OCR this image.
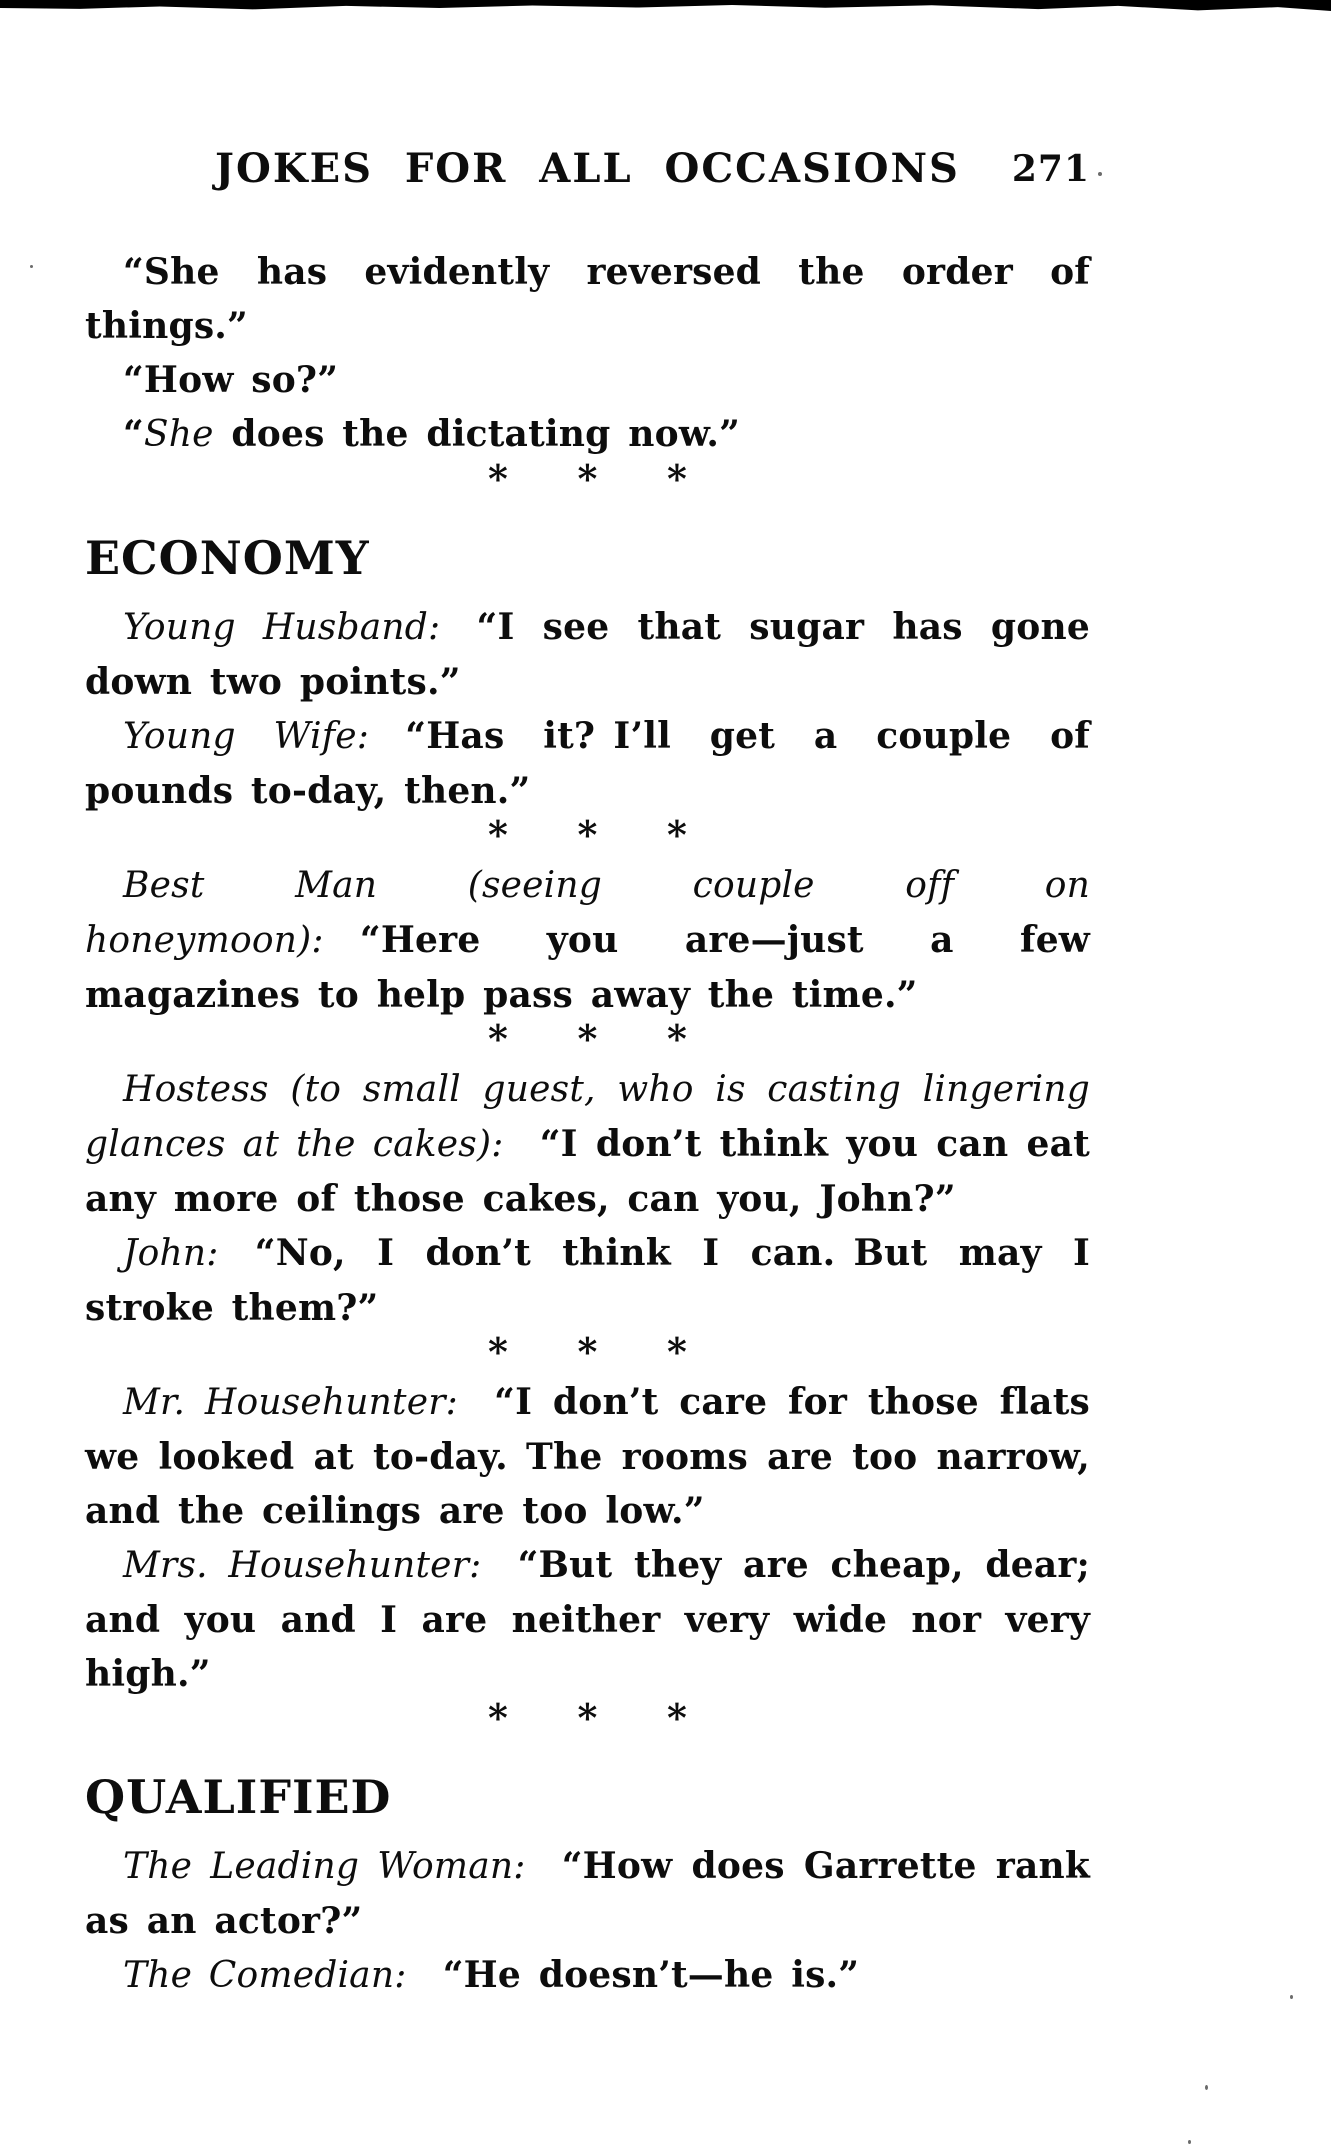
JOKES FOR ALL OCCASIONS	271

“She has evidently reversed the order of things.”

“How so?”

“She does the dictating now.”

* * *
ECONOMY

Young Husband: “I see that sugar has gone down two points.”

Young Wife: “Has it? I’ll get a couple of pounds to-day, then.”

* * *

Best Man (seeing couple off on honeymoon): “Here you are—just a few magazines to help pass away the time.”

* * *

Hostess (to small guest, who is casting lingering glances at the cakes): “I don’t think you can eat any more of those cakes, can you, John?”

John: “No, I don’t think I can. But may I stroke them?”

* * *

Mr. Househunter: “I don’t care for those flats we looked at to-day. The rooms are too narrow, and the ceilings are too low.”

Mrs. Househunter: “But they are cheap, dear; and you and I are neither very wide nor very high.”

* * *
QUALIFIED

The Leading Woman: “How does Garrette rank as an actor?”

The Comedian: “He doesn’t—he is.”
